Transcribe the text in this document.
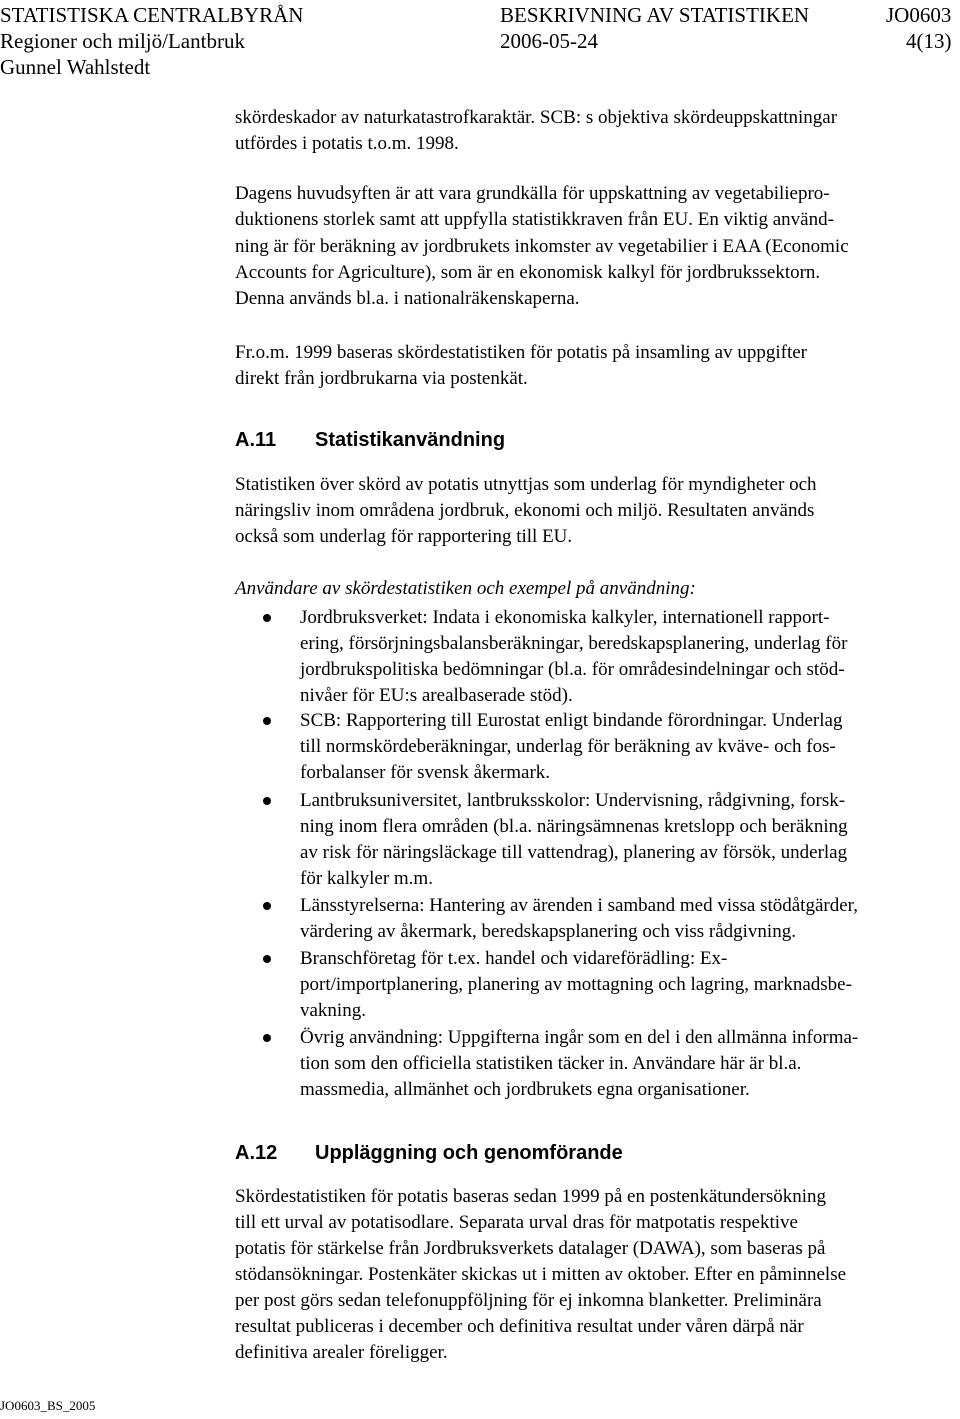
STATISTISKA CENTRALBYRÅN	BESKRIVNING AV STATISTIKEN	JO0603
Regioner och miljö/Lantbruk	2006-05-24	4(13)
Gunnel Wahlstedt
skördeskador av naturkatastrofkaraktär. SCB: s objektiva skördeuppskattningar
utfördes i potatis t.o.m. 1998.
Dagens huvudsyften är att vara grundkälla för uppskattning av vegetabiliepro-
duktionens storlek samt att uppfylla statistikkraven från EU. En viktig använd-
ning är för beräkning av jordbrukets inkomster av vegetabilier i EAA (Economic
Accounts for Agriculture), som är en ekonomisk kalkyl för jordbrukssektorn.
Denna används bl.a. i nationalräkenskaperna.
Fr.o.m. 1999 baseras skördestatistiken för potatis på insamling av uppgifter
direkt från jordbrukarna via postenkät.
A.11 Statistikanvändning
Statistiken över skörd av potatis utnyttjas som underlag för myndigheter och
näringsliv inom områdena jordbruk, ekonomi och miljö. Resultaten används
också som underlag för rapportering till EU.
Användare av skördestatistiken och exempel på användning:
Jordbruksverket: Indata i ekonomiska kalkyler, internationell rapport-
ering, försörjningsbalansberäkningar, beredskapsplanering, underlag för
jordbrukspolitiska bedömningar (bl.a. för områdesindelningar och stöd-
nivåer för EU:s arealbaserade stöd).
SCB: Rapportering till Eurostat enligt bindande förordningar. Underlag
till normskördeberäkningar, underlag för beräkning av kväve- och fos-
forbalanser för svensk åkermark.
Lantbruksuniversitet, lantbruksskolor: Undervisning, rådgivning, forsk-
ning inom flera områden (bl.a. näringsämnenas kretslopp och beräkning
av risk för näringsläckage till vattendrag), planering av försök, underlag
för kalkyler m.m.
Länsstyrelserna: Hantering av ärenden i samband med vissa stödåtgärder,
värdering av åkermark, beredskapsplanering och viss rådgivning.
Branschföretag för t.ex. handel och vidareförädling: Ex-
port/importplanering, planering av mottagning och lagring, marknadsbe-
vakning.
Övrig användning: Uppgifterna ingår som en del i den allmänna informa-
tion som den officiella statistiken täcker in. Användare här är bl.a.
massmedia, allmänhet och jordbrukets egna organisationer.
A.12 Uppläggning och genomförande
Skördestatistiken för potatis baseras sedan 1999 på en postenkätundersökning
till ett urval av potatisodlare. Separata urval dras för matpotatis respektive
potatis för stärkelse från Jordbruksverkets datalager (DAWA), som baseras på
stödansökningar. Postenkäter skickas ut i mitten av oktober. Efter en påminnelse
per post görs sedan telefonuppföljning för ej inkomna blanketter. Preliminära
resultat publiceras i december och definitiva resultat under våren därpå när
definitiva arealer föreligger.
JO0603_BS_2005
